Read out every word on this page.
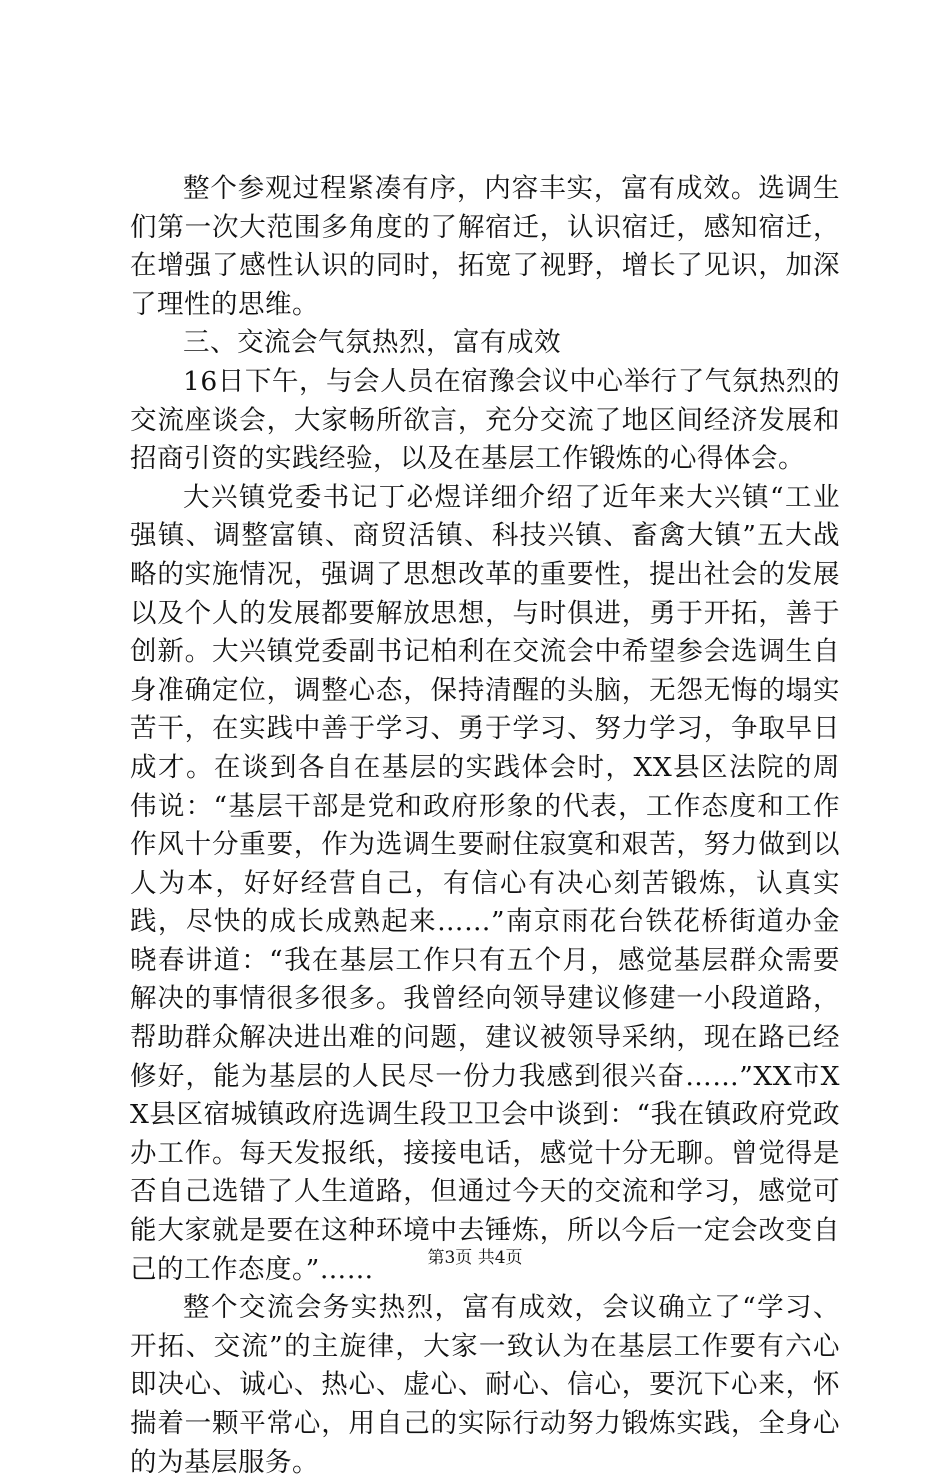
整个参观过程紧凑有序，内容丰实，富有成效。选调生们第一次大范围多角度的了解宿迁，认识宿迁，感知宿迁，在增强了感性认识的同时，拓宽了视野，增长了见识，加深了理性的思维。

三、交流会气氛热烈，富有成效

16日下午，与会人员在宿豫会议中心举行了气氛热烈的交流座谈会，大家畅所欲言，充分交流了地区间经济发展和招商引资的实践经验，以及在基层工作锻炼的心得体会。

大兴镇党委书记丁必煜详细介绍了近年来大兴镇“工业强镇、调整富镇、商贸活镇、科技兴镇、畜禽大镇”五大战略的实施情况，强调了思想改革的重要性，提出社会的发展以及个人的发展都要解放思想，与时俱进，勇于开拓，善于创新。大兴镇党委副书记柏利在交流会中希望参会选调生自身准确定位，调整心态，保持清醒的头脑，无怨无悔的塌实苦干，在实践中善于学习、勇于学习、努力学习，争取早日成才。在谈到各自在基层的实践体会时，XX县区法院的周伟说：“基层干部是党和政府形象的代表，工作态度和工作作风十分重要，作为选调生要耐住寂寞和艰苦，努力做到以人为本，好好经营自己，有信心有决心刻苦锻炼，认真实践，尽快的成长成熟起来……”南京雨花台铁花桥街道办金晓春讲道：“我在基层工作只有五个月，感觉基层群众需要解决的事情很多很多。我曾经向领导建议修建一小段道路，帮助群众解决进出难的问题，建议被领导采纳，现在路已经修好，能为基层的人民尽一份力我感到很兴奋……”XX市XX县区宿城镇政府选调生段卫卫会中谈到：“我在镇政府党政办工作。每天发报纸，接接电话，感觉十分无聊。曾觉得是否自己选错了人生道路，但通过今天的交流和学习，感觉可能大家就是要在这种环境中去锤炼，所以今后一定会改变自己的工作态度。”……

整个交流会务实热烈，富有成效，会议确立了“学习、开拓、交流”的主旋律，大家一致认为在基层工作要有六心即决心、诚心、热心、虚心、耐心、信心，要沉下心来，怀揣着一颗平常心，用自己的实际行动努力锻炼实践，全身心的为基层服务。

第3页 共4页
